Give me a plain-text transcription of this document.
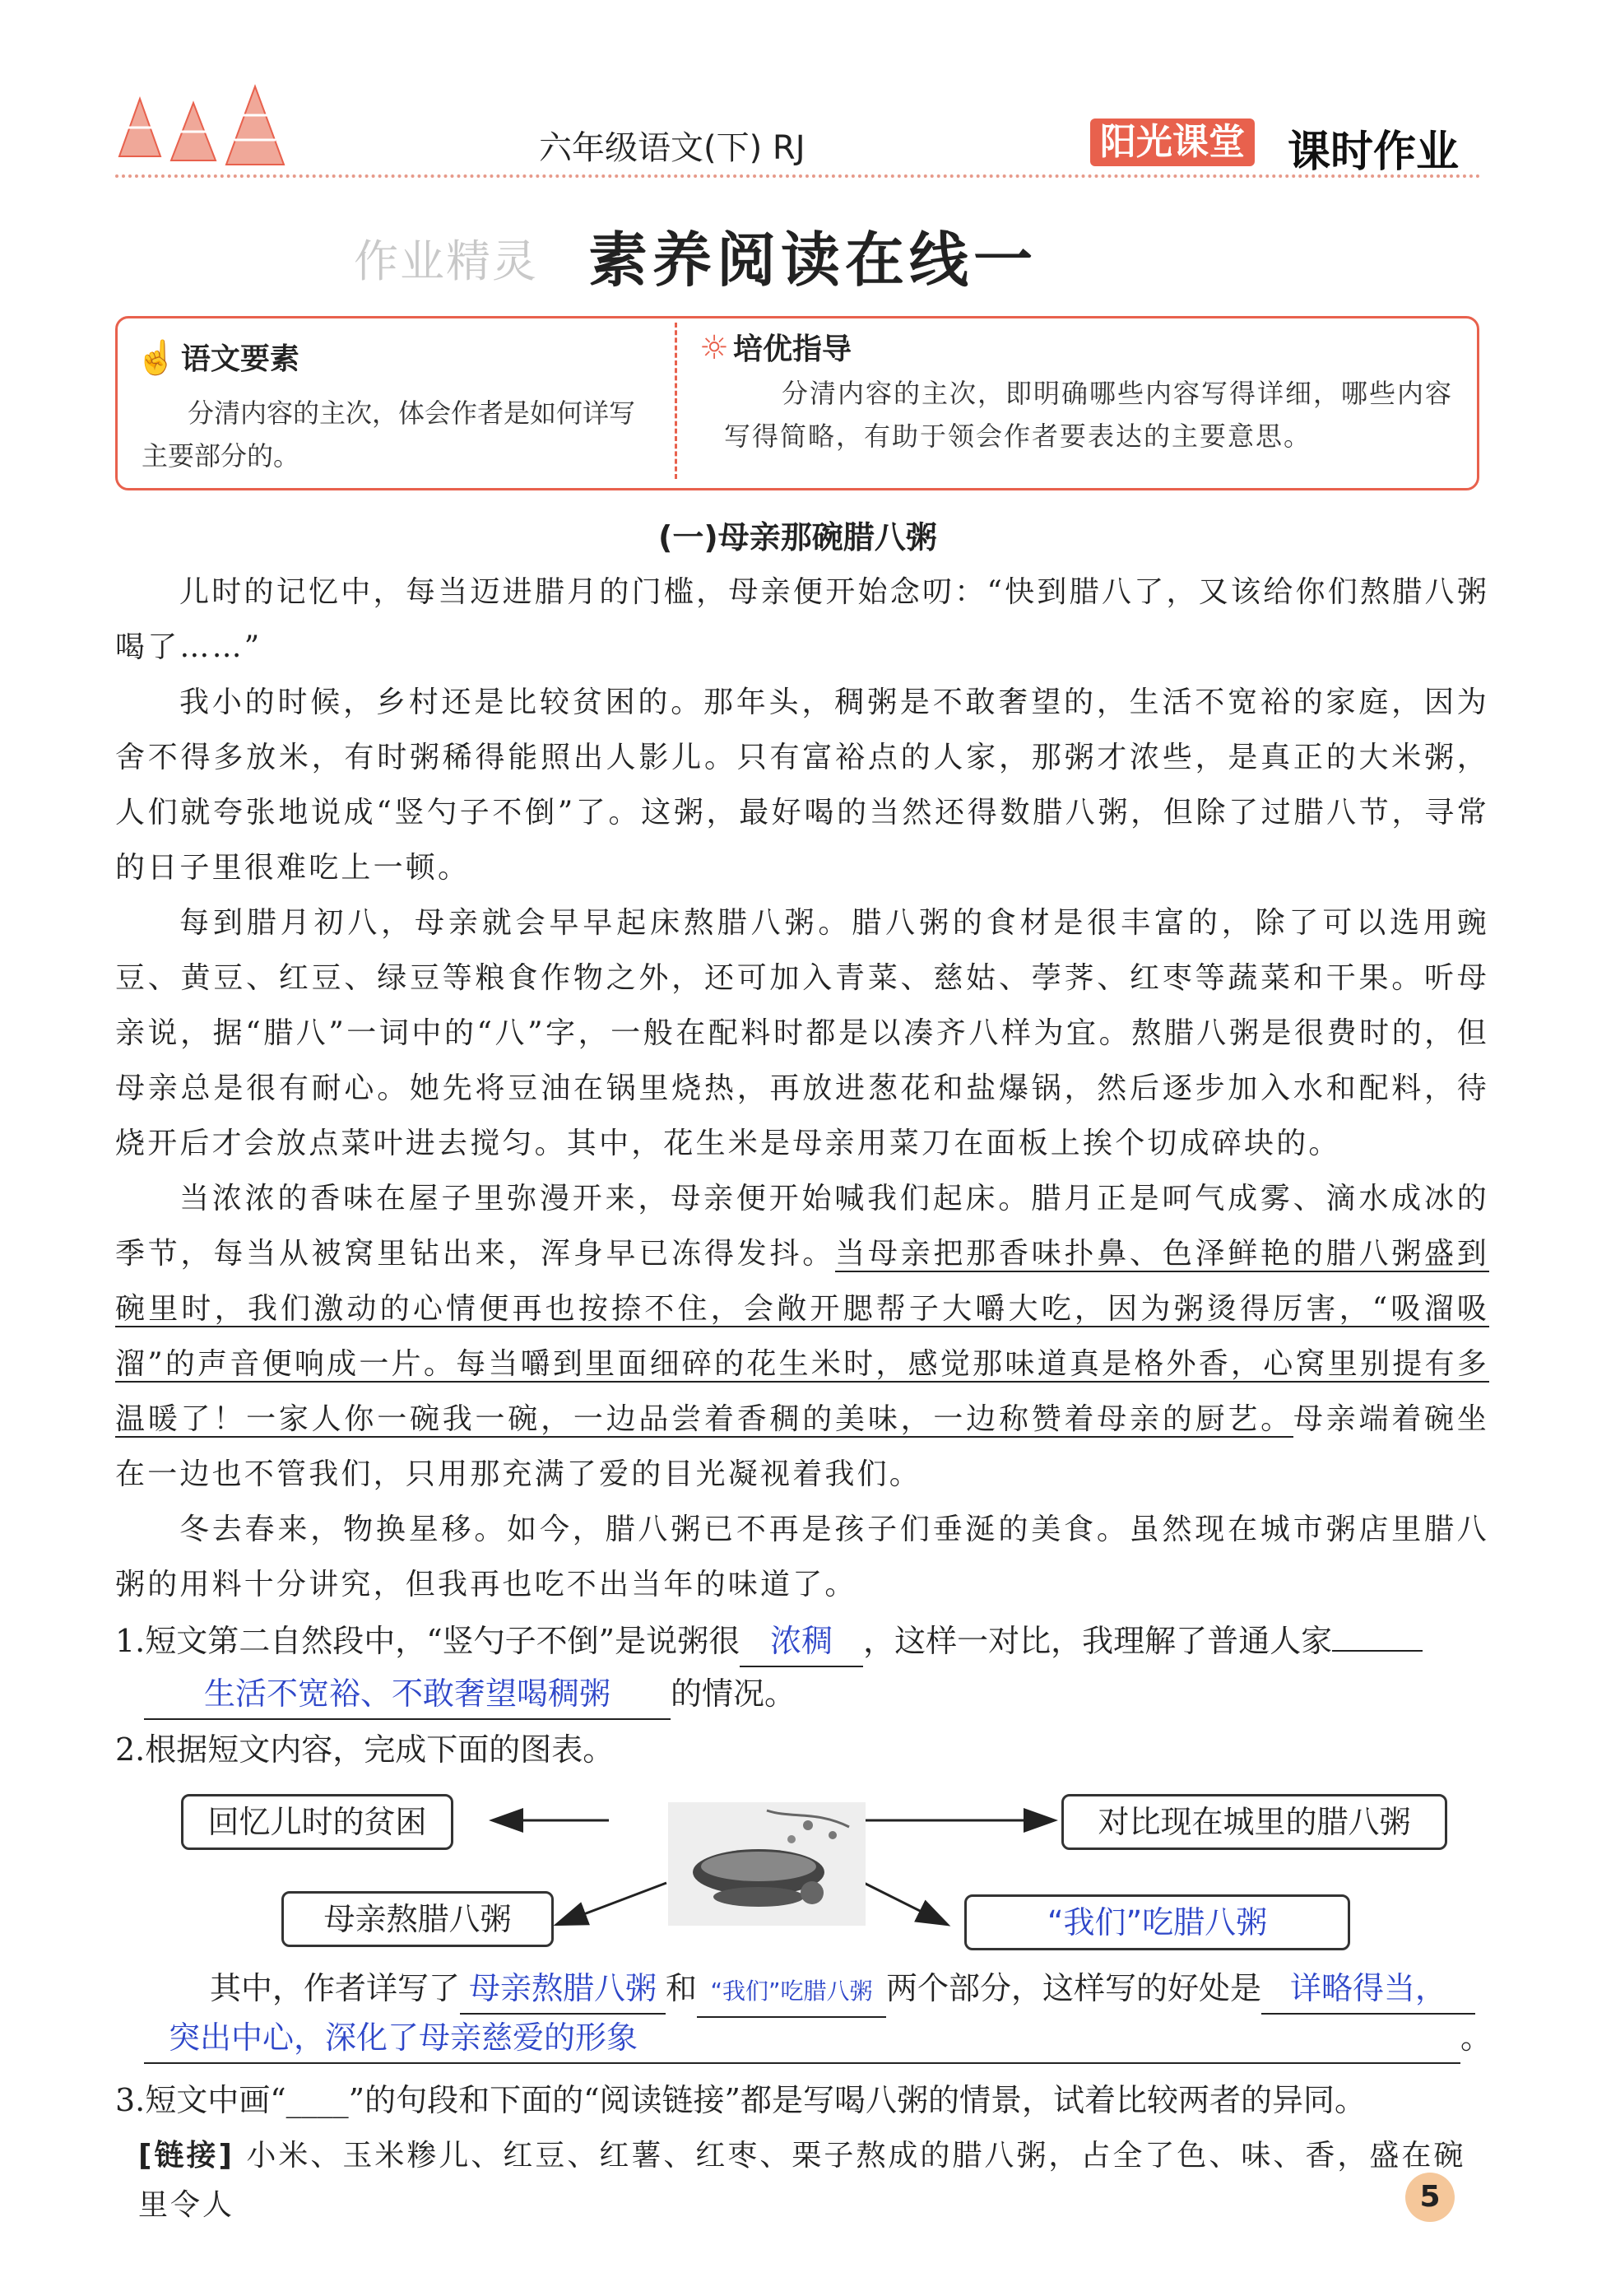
六年级语文(下) RJ	阳光课堂 课时作业
作业精灵 素养阅读在线一
☝ 语文要素
分清内容的主次，体会作者是如何详写主要部分的。
☼ 培优指导
分清内容的主次，即明确哪些内容写得详细，哪些内容写得简略，有助于领会作者要表达的主要意思。
(一)母亲那碗腊八粥
儿时的记忆中，每当迈进腊月的门槛，母亲便开始念叨：“快到腊八了，又该给你们熬腊八粥喝了……”
我小的时候，乡村还是比较贫困的。那年头，稠粥是不敢奢望的，生活不宽裕的家庭，因为舍不得多放米，有时粥稀得能照出人影儿。只有富裕点的人家，那粥才浓些，是真正的大米粥，人们就夸张地说成“竖勺子不倒”了。这粥，最好喝的当然还得数腊八粥，但除了过腊八节，寻常的日子里很难吃上一顿。
每到腊月初八，母亲就会早早起床熬腊八粥。腊八粥的食材是很丰富的，除了可以选用豌豆、黄豆、红豆、绿豆等粮食作物之外，还可加入青菜、慈姑、荸荠、红枣等蔬菜和干果。听母亲说，据“腊八”一词中的“八”字，一般在配料时都是以凑齐八样为宜。熬腊八粥是很费时的，但母亲总是很有耐心。她先将豆油在锅里烧热，再放进葱花和盐爆锅，然后逐步加入水和配料，待烧开后才会放点菜叶进去搅匀。其中，花生米是母亲用菜刀在面板上挨个切成碎块的。
当浓浓的香味在屋子里弥漫开来，母亲便开始喊我们起床。腊月正是呵气成雾、滴水成冰的季节，每当从被窝里钻出来，浑身早已冻得发抖。当母亲把那香味扑鼻、色泽鲜艳的腊八粥盛到碗里时，我们激动的心情便再也按捺不住，会敞开腮帮子大嚼大吃，因为粥烫得厉害，“吸溜吸溜”的声音便响成一片。每当嚼到里面细碎的花生米时，感觉那味道真是格外香，心窝里别提有多温暖了！一家人你一碗我一碗，一边品尝着香稠的美味，一边称赞着母亲的厨艺。母亲端着碗坐在一边也不管我们，只用那充满了爱的目光凝视着我们。
冬去春来，物换星移。如今，腊八粥已不再是孩子们垂涎的美食。虽然现在城市粥店里腊八粥的用料十分讲究，但我再也吃不出当年的味道了。
1.短文第二自然段中，“竖勺子不倒”是说粥很 浓稠 ，这样一对比，我理解了普通人家
生活不宽裕、不敢奢望喝稠粥 的情况。
2.根据短文内容，完成下面的图表。
回忆儿时的贫困	对比现在城里的腊八粥
母亲熬腊八粥	“我们”吃腊八粥
其中，作者详写了 母亲熬腊八粥 和 “我们”吃腊八粥 两个部分，这样写的好处是 详略得当，
突出中心，深化了母亲慈爱的形象	。
3.短文中画“____”的句段和下面的“阅读链接”都是写喝八粥的情景，试着比较两者的异同。
[链接] 小米、玉米糁儿、红豆、红薯、红枣、栗子熬成的腊八粥，占全了色、味、香，盛在碗里令人	5
